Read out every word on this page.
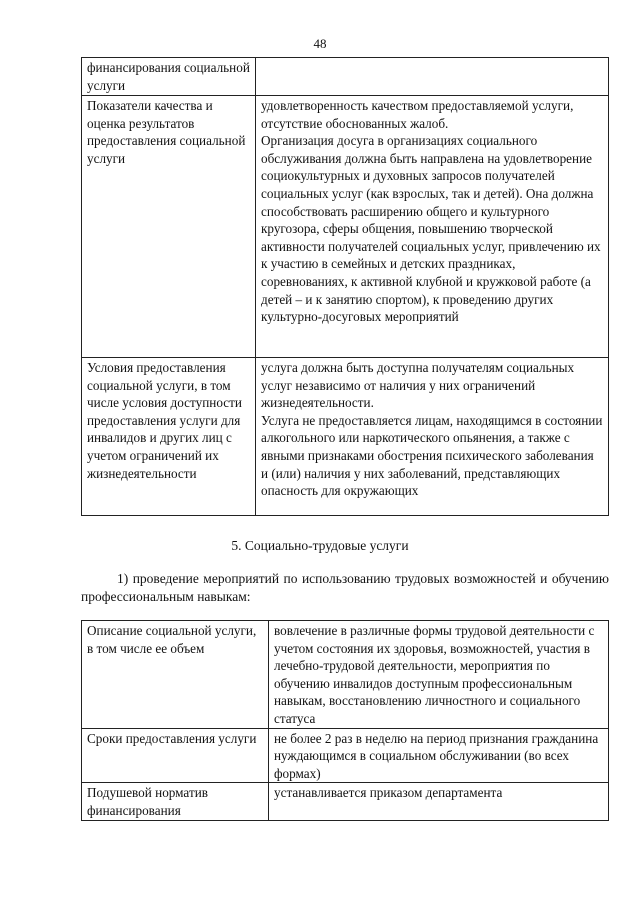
48
финансирования социальной услуги	

Показатели качества и оценка результатов предоставления социальной услуги	удовлетворенность качеством предоставляемой услуги, отсутствие обоснованных жалоб.
Организация досуга в организациях социального обслуживания должна быть направлена на удовлетворение социокультурных и духовных запросов получателей социальных услуг (как взрослых, так и детей). Она должна способствовать расширению общего и культурного кругозора, сферы общения, повышению творческой активности получателей социальных услуг, привлечению их к участию в семейных и детских праздниках, соревнованиях, к активной клубной и кружковой работе (а детей – и к занятию спортом), к проведению других культурно-досуговых мероприятий

Условия предоставления социальной услуги, в том числе условия доступности предоставления услуги для инвалидов и других лиц с учетом ограничений их жизнедеятельности	услуга должна быть доступна получателям социальных услуг независимо от наличия у них ограничений жизнедеятельности.
Услуга не предоставляется лицам, находящимся в состоянии алкогольного или наркотического опьянения, а также с явными признаками обострения психического заболевания и (или) наличия у них заболеваний, представляющих опасность для окружающих
5. Социально-трудовые услуги
1) проведение мероприятий по использованию трудовых возможностей и обучению профессиональным навыкам:
Описание социальной услуги, в том числе ее объем	вовлечение в различные формы трудовой деятельности с учетом состояния их здоровья, возможностей, участия в лечебно-трудовой деятельности, мероприятия по обучению инвалидов доступным профессиональным навыкам, восстановлению личностного и социального статуса

Сроки предоставления услуги	не более 2 раз в неделю на период признания гражданина нуждающимся в социальном обслуживании (во всех формах)

Подушевой норматив финансирования	устанавливается приказом департамента
